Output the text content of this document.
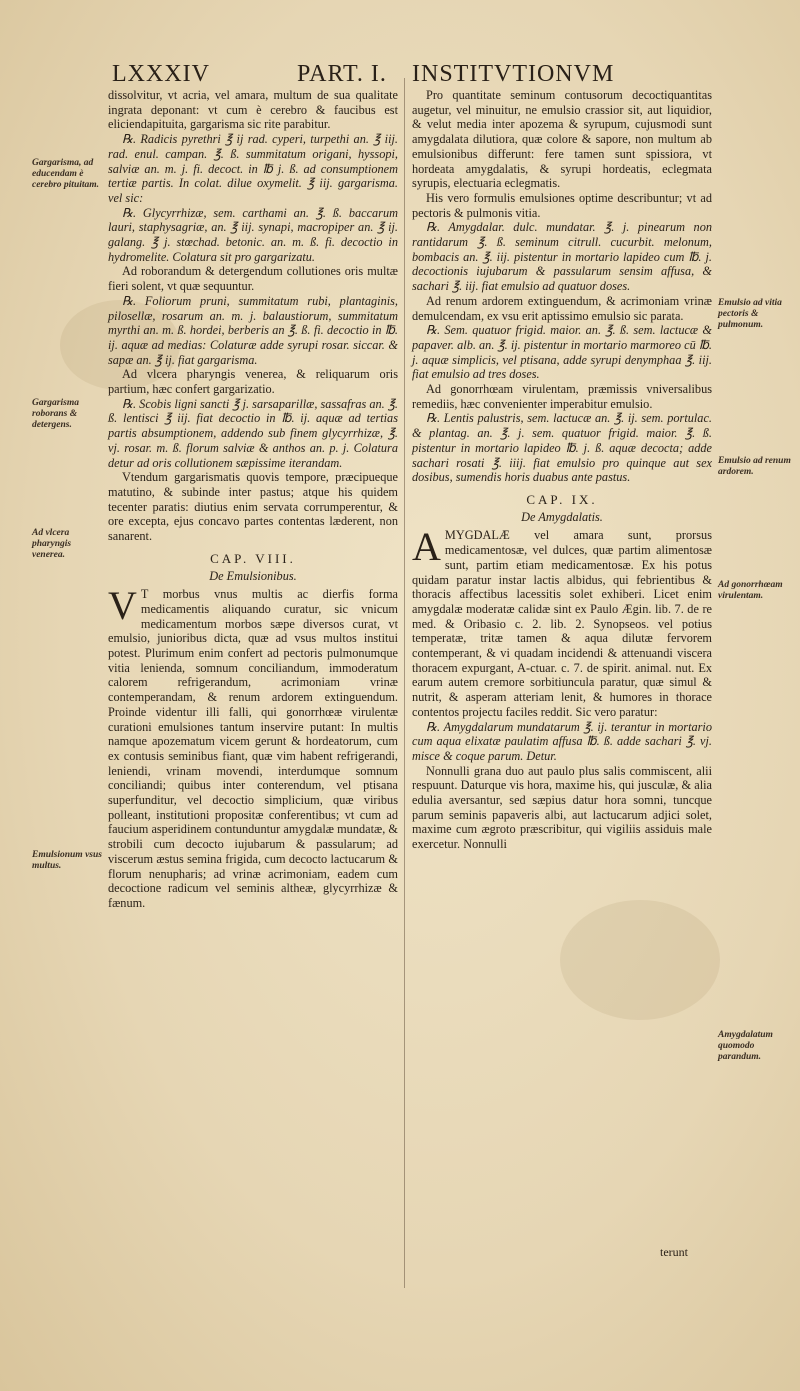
LXXXIV	PART. I. INSTITVTIONVM
Gargarisma, ad educendam è cerebro pituitam.
Gargarisma roborans & detergens.
Ad vlcera pharyngis venerea.
Emulsionum vsus multus.
Emulsio ad vitia pectoris & pulmonum.
Emulsio ad renum ardorem.
Ad gonorrhœam virulentam.
Amygdalatum quomodo parandum.

dissolvitur, vt acria, vel amara, multum de sua qualitate ingrata deponant: vt cum è cerebro & faucibus est eliciendapituita, gargarisma sic rite parabitur.

℞. Radicis pyrethri ℥ ij rad. cyperi, turpethi an. ℥ iij. rad. enul. campan. ℥. ß. summitatum origani, hyssopi, salviæ an. m. j. fi. decoct. in ℔ j. ß. ad consumptionem tertiæ partis. In colat. dilue oxymelit. ℥ iij. gargarisma. vel sic:

℞. Glycyrrhizæ, sem. carthami an. ℥. ß. baccarum lauri, staphysagriæ, an. ℥ iij. synapi, macropiper an. ℥ ij. galang. ℥ j. stœchad. betonic. an. m. ß. fi. decoctio in hydromelite. Colatura sit pro gargarizatu.

Ad roborandum & detergendum collutiones oris multæ fieri solent, vt quæ sequuntur.

℞. Foliorum pruni, summitatum rubi, plantaginis, pilosellæ, rosarum an. m. j. balaustiorum, summitatum myrthi an. m. ß. hordei, berberis an ℥. ß. fi. decoctio in ℔. ij. aquæ ad medias: Colaturæ adde syrupi rosar. siccar. & sapæ an. ℥ ij. fiat gargarisma.

Ad vlcera pharyngis venerea, & reliquarum oris partium, hæc confert gargarizatio.

℞. Scobis ligni sancti ℥ j. sarsaparillæ, sassafras an. ℥. ß. lentisci ℥ iij. fiat decoctio in ℔. ij. aquæ ad tertias partis absumptionem, addendo sub finem glycyrrhizæ, ℥. vj. rosar. m. ß. florum salviæ & anthos an. p. j. Colatura detur ad oris collutionem sæpissime iterandam.

Vtendum gargarismatis quovis tempore, præcipueque matutino, & subinde inter pastus; atque his quidem tecenter paratis: diutius enim servata corrumperentur, & ore excepta, ejus concavo partes contentas læderent, non sanarent.

CAP. VIII.
De Emulsionibus.

V T morbus vnus multis ac dierfis forma medicamentis aliquando curatur, sic vnicum medicamentum morbos sæpe diversos curat, vt emulsio, junioribus dicta, quæ ad vsus multos institui potest. Plurimum enim confert ad pectoris pulmonumque vitia lenienda, somnum conciliandum, immoderatum calorem refrigerandum, acrimoniam vrinæ contemperandam, & renum ardorem extinguendum. Proinde videntur illi falli, qui gonorrhœæ virulentæ curationi emulsiones tantum inservire putant: In multis namque apozematum vicem gerunt & hordeatorum, cum ex contusis seminibus fiant, quæ vim habent refrigerandi, leniendi, vrinam movendi, interdumque somnum conciliandi; quibus inter conterendum, vel ptisana superfunditur, vel decoctio simplicium, quæ viribus polleant, institutioni propositæ conferentibus; vt cum ad faucium asperidinem contunduntur amygdalæ mundatæ, & strobili cum decocto iujubarum & passularum; ad viscerum æstus semina frigida, cum decocto lactucarum & florum nenupharis; ad vrinæ acrimoniam, eadem cum decoctione radicum vel seminis altheæ, glycyrrhizæ & fænum.

Pro quantitate seminum contusorum decoctiquantitas augetur, vel minuitur, ne emulsio crassior sit, aut liquidior, & velut media inter apozema & syrupum, cujusmodi sunt amygdalata dilutiora, quæ colore & sapore, non multum ab emulsionibus differunt: fere tamen sunt spissiora, vt hordeata amygdalatis, & syrupi hordeatis, eclegmata syrupis, electuaria eclegmatis.

His vero formulis emulsiones optime describuntur; vt ad pectoris & pulmonis vitia.

℞. Amygdalar. dulc. mundatar. ℥. j. pinearum non rantidarum ℥. ß. seminum citrull. cucurbit. melonum, bombacis an. ℥. iij. pistentur in mortario lapideo cum ℔. j. decoctionis iujubarum & passularum sensim affusa, & sachari ℥. iij. fiat emulsio ad quatuor doses.

Ad renum ardorem extinguendum, & acrimoniam vrinæ demulcendam, ex vsu erit aptissimo emulsio sic parata.

℞. Sem. quatuor frigid. maior. an. ℥. ß. sem. lactucæ & papaver. alb. an. ℥. ij. pistentur in mortario marmoreo cū ℔. j. aquæ simplicis, vel ptisana, adde syrupi denymphaa ℥. iij. fiat emulsio ad tres doses.

Ad gonorrhœam virulentam, præmissis vniversalibus remediis, hæc convenienter imperabitur emulsio.

℞. Lentis palustris, sem. lactucæ an. ℥. ij. sem. portulac. & plantag. an. ℥. j. sem. quatuor frigid. maior. ℥. ß. pistentur in mortario lapideo ℔. j. ß. aquæ decocta; adde sachari rosati ℥. iiij. fiat emulsio pro quinque aut sex dosibus, sumendis horis duabus ante pastus.

CAP. IX.
De Amygdalatis.

AMYGDALÆ vel amara sunt, prorsus medicamentosæ, vel dulces, quæ partim alimentosæ sunt, partim etiam medicamentosæ. Ex his potus quidam paratur instar lactis albidus, qui febrientibus & thoracis affectibus lacessitis solet exhiberi. Licet enim amygdalæ moderatæ calidæ sint ex Paulo Ægin. lib. 7. de re med. & Oribasio c. 2. lib. 2. Synopseos. vel potius temperatæ, tritæ tamen & aqua dilutæ fervorem contemperant, & vi quadam incidendi & attenuandi viscera thoracem expurgant, A-ctuar. c. 7. de spirit. animal. nut. Ex earum autem cremore sorbitiuncula paratur, quæ simul & nutrit, & asperam atteriam lenit, & humores in thorace contentos projectu faciles reddit. Sic vero paratur:

℞. Amygdalarum mundatarum ℥. ij. terantur in mortario cum aqua elixatæ paulatim affusa ℔. ß. adde sachari ℥. vj. misce & coque parum. Detur.

Nonnulli grana duo aut paulo plus salis commiscent, alii respuunt. Daturque vis hora, maxime his, qui jusculæ, & alia edulia aversantur, sed sæpius datur hora somni, tuncque parum seminis papaveris albi, aut lactucarum adjici solet, maxime cum ægroto præscribitur, qui vigiliis assiduis male exercetur. Nonnulli

terunt
